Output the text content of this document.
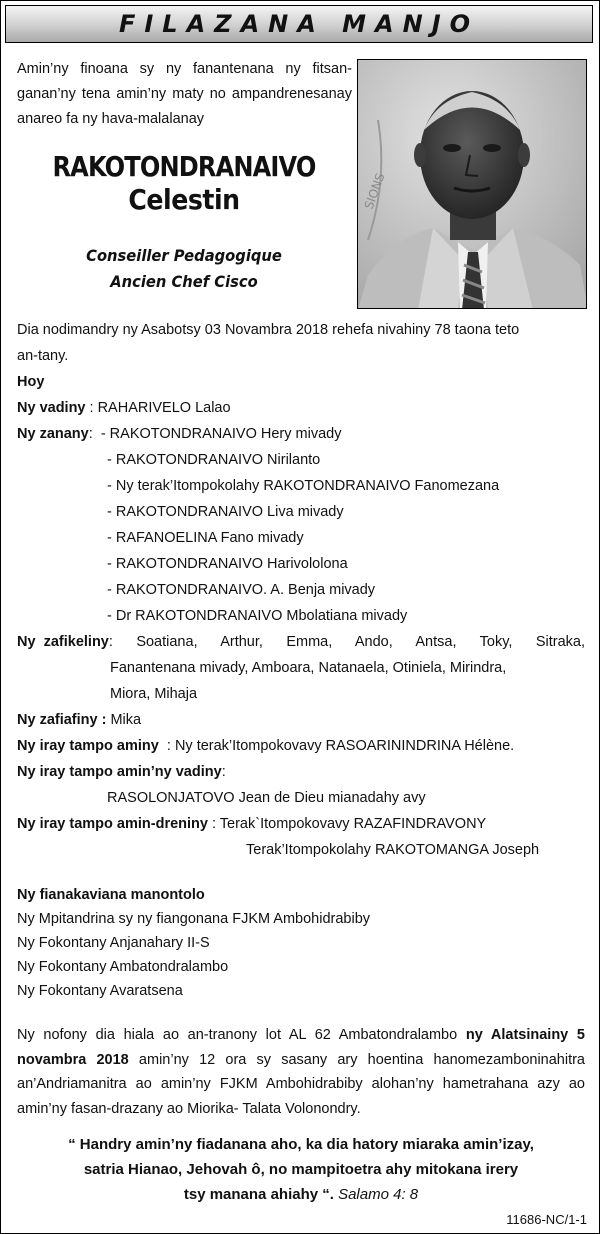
FILAZANA MANJO
Amin’ny finoana sy ny fanantenana ny fitsanganan’ny tena amin’ny maty no ampandrenesanay anareo fa ny hava-malalanay
RAKOTONDRANAIVO
Celestin
Conseiller Pedagogique
Ancien Chef Cisco
SIONS
Dia nodimandry ny Asabotsy 03 Novambra 2018 rehefa nivahiny 78 taona teto
an-tany.
Hoy
Ny vadiny : RAHARIVELO Lalao
Ny zanany:  - RAKOTONDRANAIVO Hery mivady
- RAKOTONDRANAIVO Nirilanto
- Ny terak’Itompokolahy RAKOTONDRANAIVO Fanomezana
- RAKOTONDRANAIVO Liva mivady
- RAFANOELINA Fano mivady
- RAKOTONDRANAIVO Harivololona
- RAKOTONDRANAIVO. A. Benja mivady
- Dr RAKOTONDRANAIVO Mbolatiana mivady
Ny  zafikeliny :  Soatiana,  Arthur,  Emma,  Ando,  Antsa,  Toky,  Sitraka,
Fanantenana mivady, Amboara, Natanaela, Otiniela, Mirindra,
Miora, Mihaja
Ny zafiafiny : Mika
Ny iray tampo aminy  : Ny terak’Itompokovavy RASOARININDRINA Hélène.
Ny iray tampo amin’ny vadiny:
RASOLONJATOVO Jean de Dieu mianadahy avy
Ny iray tampo amin-dreniny : Terak`Itompokovavy RAZAFINDRAVONY
Terak’Itompokolahy RAKOTOMANGA Joseph
Ny fianakaviana manontolo
Ny Mpitandrina sy ny fiangonana FJKM Ambohidrabiby
Ny Fokontany Anjanahary II-S
Ny Fokontany Ambatondralambo
Ny Fokontany Avaratsena
Ny nofony dia hiala ao an-tranony lot AL 62 Ambatondralambo ny Alatsinainy 5 novambra 2018 amin’ny 12 ora sy sasany ary hoentina hanomezamboninahitra an’Andriamanitra ao amin’ny FJKM Ambohidrabiby alohan’ny hametrahana azy ao amin’ny fasan-drazany ao Miorika- Talata Volonondry.
“ Handry amin’ny fiadanana aho, ka dia hatory miaraka amin’izay,
satria Hianao, Jehovah ô, no mampitoetra ahy mitokana irery
tsy manana ahiahy “. Salamo 4: 8
11686-NC/1-1
